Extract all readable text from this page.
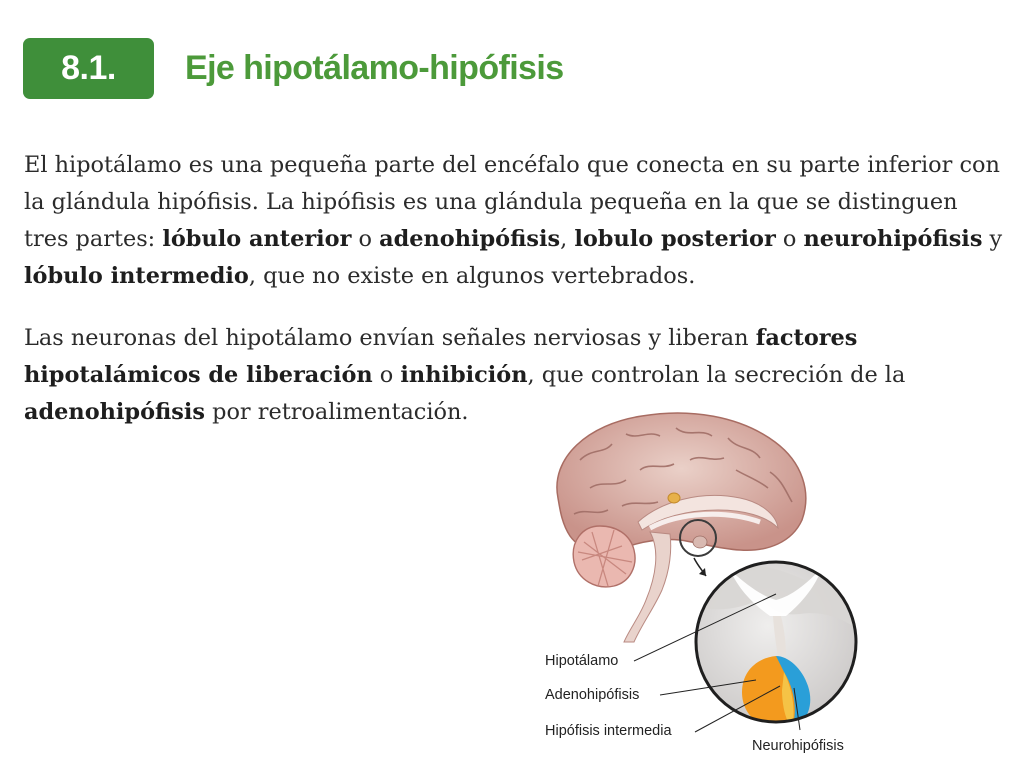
8.1.	Eje hipotálamo-hipófisis

El hipotálamo es una pequeña parte del encéfalo que conecta en su parte inferior con la glándula hipófisis. La hipófisis es una glándula pequeña en la que se distinguen tres partes: lóbulo anterior o adenohipófisis, lobulo posterior o neurohipófisis y lóbulo intermedio, que no existe en algunos vertebrados.

Las neuronas del hipotálamo envían señales nerviosas y liberan factores hipotalámicos de liberación o inhibición, que controlan la secreción de la adenohipófisis por retroalimentación.

Hipotálamo
Adenohipófisis
Hipófisis intermedia
Neurohipófisis
